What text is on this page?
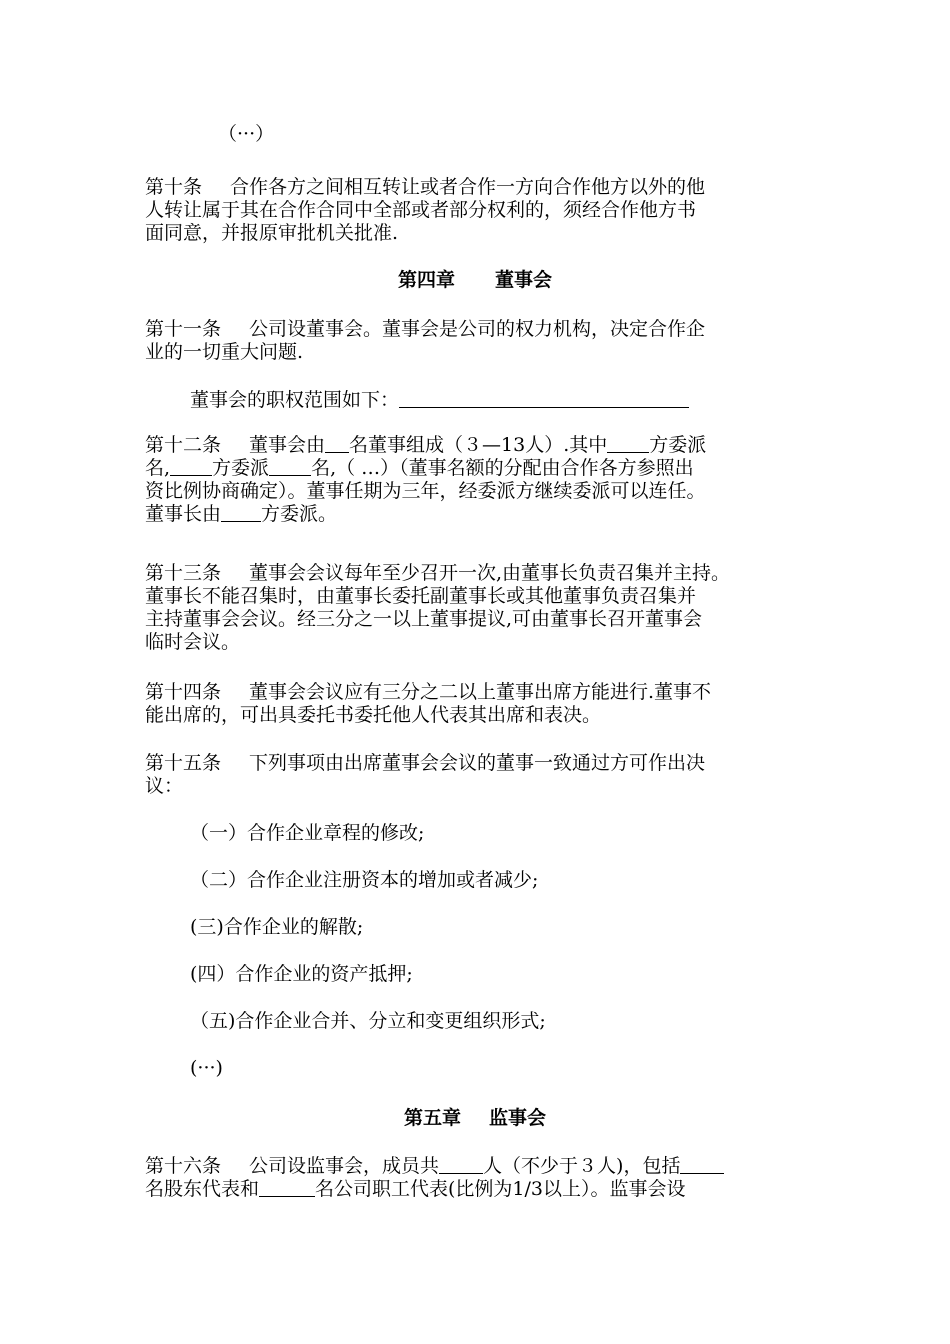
（···）

第十条 合作各方之间相互转让或者合作一方向合作他方以外的他

人转让属于其在合作合同中全部或者部分权利的，须经合作他方书

面同意，并报原审批机关批准.

第四章 董事会

第十一条 公司设董事会。董事会是公司的权力机构，决定合作企

业的一切重大问题.

董事会的职权范围如下：

第十二条 董事会由 名董事组成（３—13人）.其中 方委派

名, 方委派 名,（ …）（董事名额的分配由合作各方参照出

资比例协商确定）。董事任期为三年，经委派方继续委派可以连任。

董事长由 方委派。

第十三条 董事会会议每年至少召开一次,由董事长负责召集并主持。

董事长不能召集时，由董事长委托副董事长或其他董事负责召集并

主持董事会会议。经三分之一以上董事提议,可由董事长召开董事会

临时会议。

第十四条 董事会会议应有三分之二以上董事出席方能进行.董事不

能出席的，可出具委托书委托他人代表其出席和表决。

第十五条 下列事项由出席董事会会议的董事一致通过方可作出决

议：

（一）合作企业章程的修改;

（二）合作企业注册资本的增加或者减少;

(三)合作企业的解散;

(四）合作企业的资产抵押;

（五)合作企业合并、分立和变更组织形式;

(···)

第五章 监事会

第十六条 公司设监事会，成员共 人（不少于３人)，包括

名股东代表和	名公司职工代表(比例为1/3以上）。监事会设
